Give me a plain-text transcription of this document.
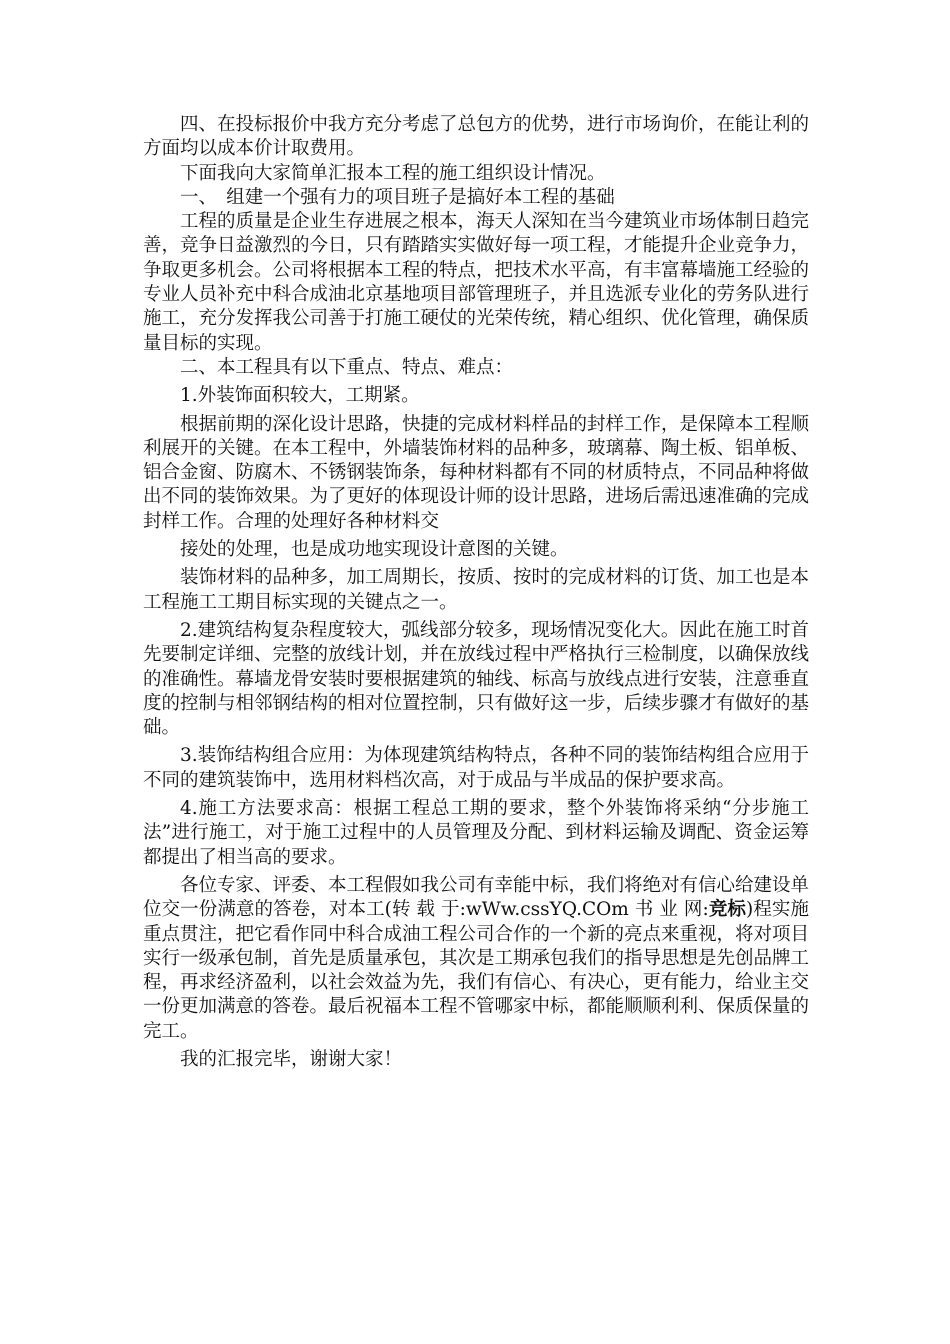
四、在投标报价中我方充分考虑了总包方的优势，进行市场询价，在能让利的方面均以成本价计取费用。

下面我向大家简单汇报本工程的施工组织设计情况。

一、　组建一个强有力的项目班子是搞好本工程的基础

工程的质量是企业生存进展之根本，海天人深知在当今建筑业市场体制日趋完善，竞争日益激烈的今日，只有踏踏实实做好每一项工程，才能提升企业竞争力，争取更多机会。公司将根据本工程的特点，把技术水平高，有丰富幕墙施工经验的专业人员补充中科合成油北京基地项目部管理班子，并且选派专业化的劳务队进行施工，充分发挥我公司善于打施工硬仗的光荣传统，精心组织、优化管理，确保质量目标的实现。

二、本工程具有以下重点、特点、难点：

1.外装饰面积较大，工期紧。

根据前期的深化设计思路，快捷的完成材料样品的封样工作，是保障本工程顺利展开的关键。在本工程中，外墙装饰材料的品种多，玻璃幕、陶土板、铝单板、铝合金窗、防腐木、不锈钢装饰条，每种材料都有不同的材质特点，不同品种将做出不同的装饰效果。为了更好的体现设计师的设计思路，进场后需迅速准确的完成封样工作。合理的处理好各种材料交

接处的处理，也是成功地实现设计意图的关键。

装饰材料的品种多，加工周期长，按质、按时的完成材料的订货、加工也是本工程施工工期目标实现的关键点之一。

2.建筑结构复杂程度较大，弧线部分较多，现场情况变化大。因此在施工时首先要制定详细、完整的放线计划，并在放线过程中严格执行三检制度，以确保放线的准确性。幕墙龙骨安装时要根据建筑的轴线、标高与放线点进行安装，注意垂直度的控制与相邻钢结构的相对位置控制，只有做好这一步，后续步骤才有做好的基础。

3.装饰结构组合应用：为体现建筑结构特点，各种不同的装饰结构组合应用于不同的建筑装饰中，选用材料档次高，对于成品与半成品的保护要求高。

4.施工方法要求高：根据工程总工期的要求，整个外装饰将采纳“分步施工法”进行施工，对于施工过程中的人员管理及分配、到材料运输及调配、资金运筹都提出了相当高的要求。

各位专家、评委、本工程假如我公司有幸能中标，我们将绝对有信心给建设单位交一份满意的答卷，对本工(转 载 于:wWw.cssYQ.COm 书 业 网:竞标)程实施重点贯注，把它看作同中科合成油工程公司合作的一个新的亮点来重视，将对项目实行一级承包制，首先是质量承包，其次是工期承包我们的指导思想是先创品牌工程，再求经济盈利，以社会效益为先，我们有信心、有决心，更有能力，给业主交一份更加满意的答卷。最后祝福本工程不管哪家中标，都能顺顺利利、保质保量的完工。

我的汇报完毕，谢谢大家！
